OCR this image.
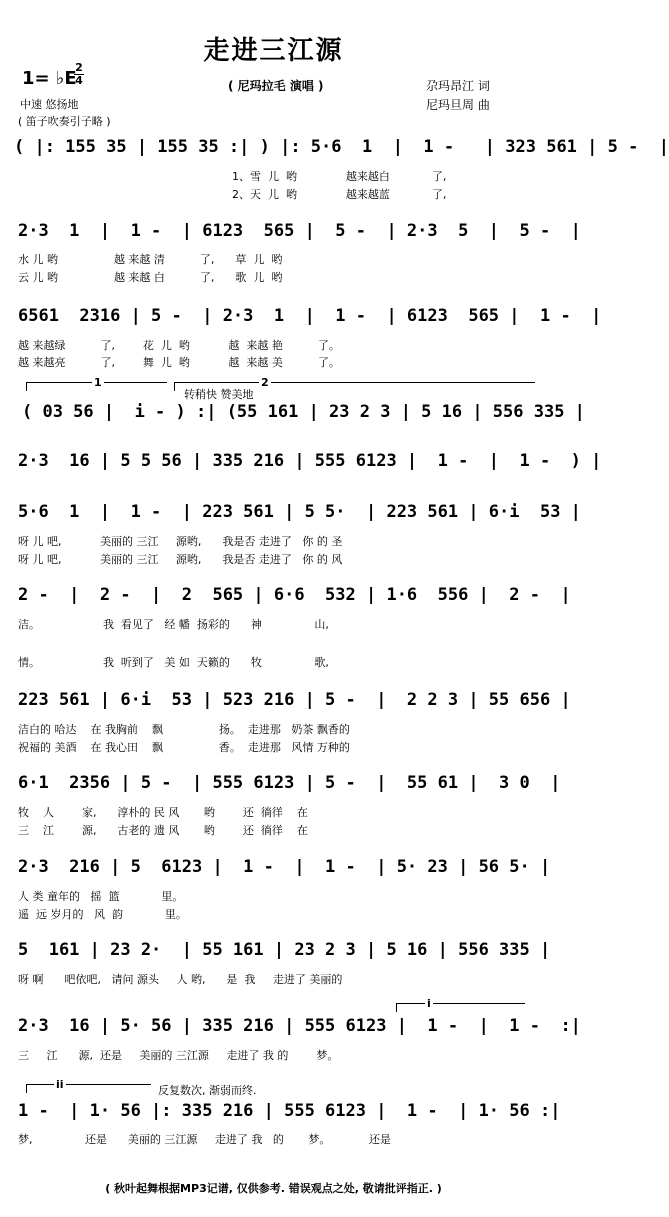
走进三江源
1= ♭E
2
4	( 尼玛拉毛 演唱 )
中速 悠扬地
( 笛子吹奏引子略 )
尕玛昂江 词
尼玛旦周 曲
( |: 155 35 | 155 35 :| ) |: 5·6  1  |  1 -   | 323 561 | 5 -  |
1、雪  儿  哟              越来越白            了,
2、天  儿  哟              越来越蓝            了,
2·3  1  |  1 -  | 6123  565 |  5 -  | 2·3  5  |  5 -  |
水 儿 哟                越 来越 清          了,      草  儿  哟
云 儿 哟                越 来越 白          了,      歌  儿  哟
6561  2316 | 5 -  | 2·3  1  |  1 -  | 6123  565 |  1 -  |
越 来越绿          了,        花  儿  哟           越  来越 艳          了。
越 来越亮          了,        舞  儿  哟           越  来越 美          了。
1	2
转稍快 赞美地
( 03 56 |  i - ) :| (55 161 | 23 2 3 | 5 16 | 556 335 |
2·3  16 | 5 5 56 | 335 216 | 555 6123 |  1 -  |  1 -  ) |
5·6  1  |  1 -  | 223 561 | 5 5·  | 223 561 | 6·i  53 |
呀 儿 吧,           美丽的 三江     源哟,      我是否 走进了   你 的 圣
呀 儿 吧,           美丽的 三江     源哟,      我是否 走进了   你 的 风
2 -  |  2 -  |  2  565 | 6·6  532 | 1·6  556 |  2 -  |
洁。                  我  看见了   经 幡  扬彩的      神               山,
情。                  我  听到了   美 如  天籁的      牧               歌,
223 561 | 6·i  53 | 523 216 | 5 -  |  2 2 3 | 55 656 |
洁白的 哈达    在 我胸前    飘                扬。  走进那   奶茶 飘香的
祝福的 美酒    在 我心田    飘                香。  走进那   风情 万种的
6·1  2356 | 5 -  | 555 6123 | 5 -  |  55 61 |  3 0  |
牧    人        家,      淳朴的 民 风       哟        还  徜徉    在
三    江        源,      古老的 遗 风       哟        还  徜徉    在
2·3  216 | 5  6123 |  1 -  |  1 -  | 5· 23 | 56 5· |
人 类 童年的   摇  篮            里。
遥  远 岁月的   风  韵            里。
5  161 | 23 2·  | 55 161 | 23 2 3 | 5 16 | 556 335 |
呀 啊      吧依吧,   请问 源头     人 哟,      是  我     走进了 美丽的
i
2·3  16 | 5· 56 | 335 216 | 555 6123 |  1 -  |  1 -  :|
三     江      源,  还是     美丽的 三江源     走进了 我 的        梦。
ii	反复数次, 渐弱而终.
1 -  | 1· 56 |: 335 216 | 555 6123 |  1 -  | 1· 56 :|
梦,               还是      美丽的 三江源     走进了 我   的       梦。           还是
( 秋叶起舞根据MP3记谱, 仅供参考. 错误观点之处, 敬请批评指正. )
